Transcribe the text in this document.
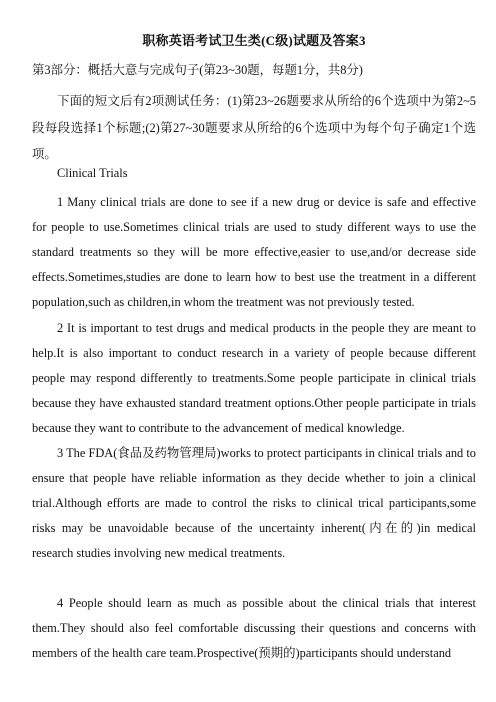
职称英语考试卫生类(C级)试题及答案3
第3部分：概括大意与完成句子(第23~30题，每题1分，共8分)
下面的短文后有2项测试任务：(1)第23~26题要求从所给的6个选项中为第2~5段每段选择1个标题;(2)第27~30题要求从所给的6个选项中为每个句子确定1个选项。
Clinical Trials

1 Many clinical trials are done to see if a new drug or device is safe and effective for people to use.Sometimes clinical trials are used to study different ways to use the standard treatments so they will be more effective,easier to use,and/or decrease side effects.Sometimes,studies are done to learn how to best use the treatment in a different population,such as children,in whom the treatment was not previously tested.

2 It is important to test drugs and medical products in the people they are meant to help.It is also important to conduct research in a variety of people because different people may respond differently to treatments.Some people participate in clinical trials because they have exhausted standard treatment options.Other people participate in trials because they want to contribute to the advancement of medical knowledge.

3 The FDA(食品及药物管理局)works to protect participants in clinical trials and to ensure that people have reliable information as they decide whether to join a clinical trial.Although efforts are made to control the risks to clinical trical participants,some risks may be unavoidable because of the uncertainty inherent(内在的)in medical research studies involving new medical treatments.

4 People should learn as much as possible about the clinical trials that interest them.They should also feel comfortable discussing their questions and concerns with members of the health care team.Prospective(预期的)participants should understand
